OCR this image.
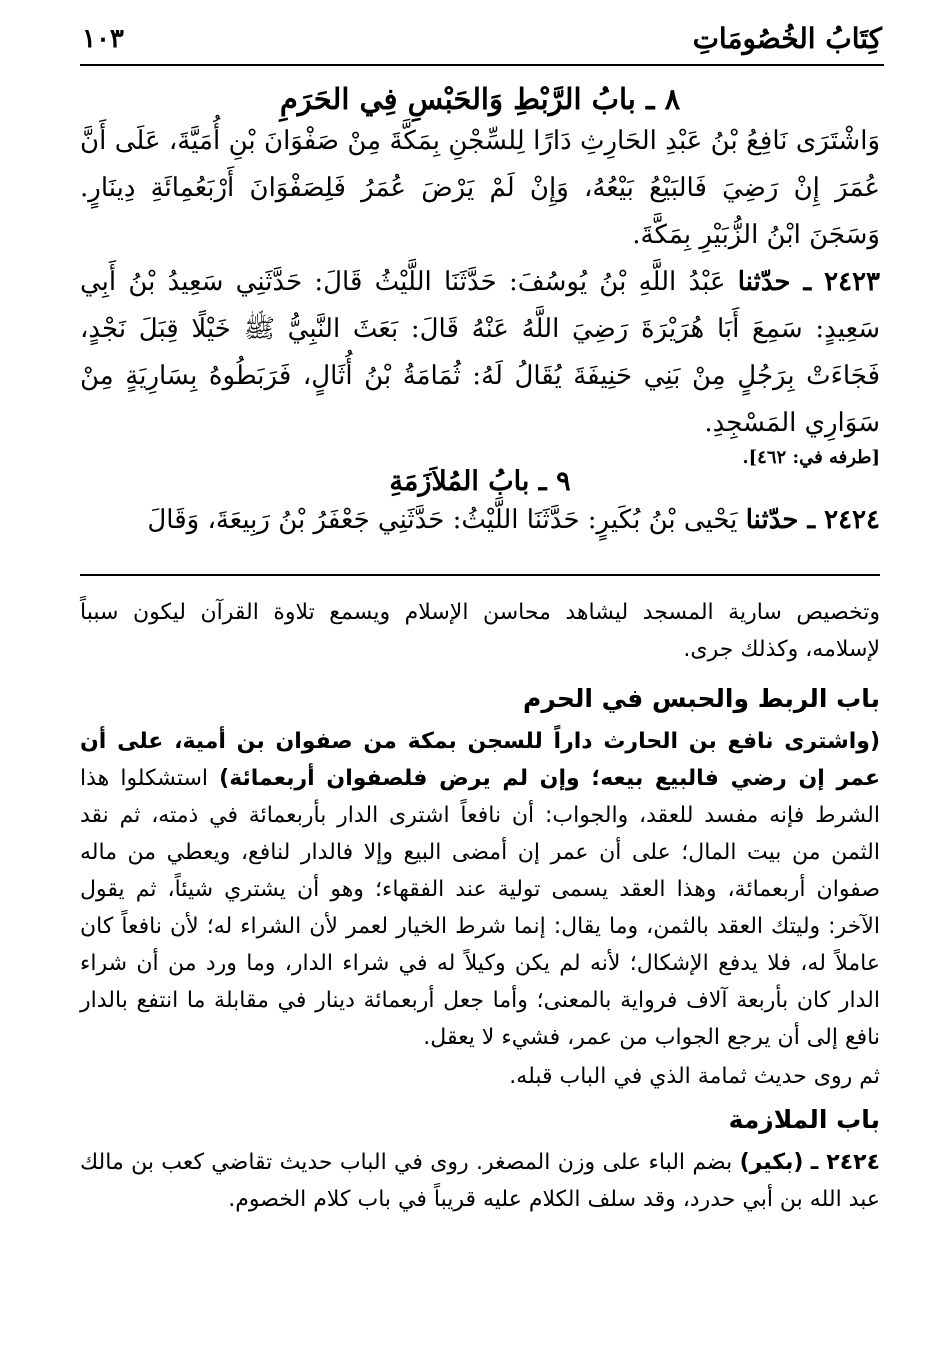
كِتَابُ الخُصُومَاتِ
١٠٣
٨ ـ بابُ الرَّبْطِ وَالحَبْسِ فِي الحَرَمِ
وَاشْتَرَى نَافِعُ بْنُ عَبْدِ الحَارِثِ دَارًا لِلسِّجْنِ بِمَكَّةَ مِنْ صَفْوَانَ بْنِ أُمَيَّةَ، عَلَى أَنَّ عُمَرَ إِنْ رَضِيَ فَالبَيْعُ بَيْعُهُ، وَإِنْ لَمْ يَرْضَ عُمَرُ فَلِصَفْوَانَ أَرْبَعُمِائَةِ دِينَارٍ. وَسَجَنَ ابْنُ الزُّبَيْرِ بِمَكَّةَ.
٢٤٢٣ ـ حدّثنا عَبْدُ اللَّهِ بْنُ يُوسُفَ: حَدَّثَنَا اللَّيْثُ قَالَ: حَدَّثَنِي سَعِيدُ بْنُ أَبِي سَعِيدٍ: سَمِعَ أَبَا هُرَيْرَةَ رَضِيَ اللَّهُ عَنْهُ قَالَ: بَعَثَ النَّبِيُّ ﷺ خَيْلًا قِبَلَ نَجْدٍ، فَجَاءَتْ بِرَجُلٍ مِنْ بَنِي حَنِيفَةَ يُقَالُ لَهُ: ثُمَامَةُ بْنُ أُثَالٍ، فَرَبَطُوهُ بِسَارِيَةٍ مِنْ سَوَارِي المَسْجِدِ.
[طرفه في: ٤٦٢].
٩ ـ بابُ المُلاَزَمَةِ
٢٤٢٤ ـ حدّثنا يَحْيى بْنُ بُكَيرٍ: حَدَّثَنَا اللَّيْثُ: حَدَّثَنِي جَعْفَرُ بْنُ رَبِيعَةَ، وَقَالَ
وتخصيص سارية المسجد ليشاهد محاسن الإسلام ويسمع تلاوة القرآن ليكون سبباً لإسلامه، وكذلك جرى.
باب الربط والحبس في الحرم
(واشترى نافع بن الحارث داراً للسجن بمكة من صفوان بن أمية، على أن عمر إن رضي فالبيع بيعه؛ وإن لم يرض فلصفوان أربعمائة) استشكلوا هذا الشرط فإنه مفسد للعقد، والجواب: أن نافعاً اشترى الدار بأربعمائة في ذمته، ثم نقد الثمن من بيت المال؛ على أن عمر إن أمضى البيع وإلا فالدار لنافع، ويعطي من ماله صفوان أربعمائة، وهذا العقد يسمى تولية عند الفقهاء؛ وهو أن يشتري شيئاً، ثم يقول الآخر: وليتك العقد بالثمن، وما يقال: إنما شرط الخيار لعمر لأن الشراء له؛ لأن نافعاً كان عاملاً له، فلا يدفع الإشكال؛ لأنه لم يكن وكيلاً له في شراء الدار، وما ورد من أن شراء الدار كان بأربعة آلاف فرواية بالمعنى؛ وأما جعل أربعمائة دينار في مقابلة ما انتفع بالدار نافع إلى أن يرجع الجواب من عمر، فشيء لا يعقل.
ثم روى حديث ثمامة الذي في الباب قبله.
باب الملازمة
٢٤٢٤ ـ (بكير) بضم الباء على وزن المصغر. روى في الباب حديث تقاضي كعب بن مالك عبد الله بن أبي حدرد، وقد سلف الكلام عليه قريباً في باب كلام الخصوم.
